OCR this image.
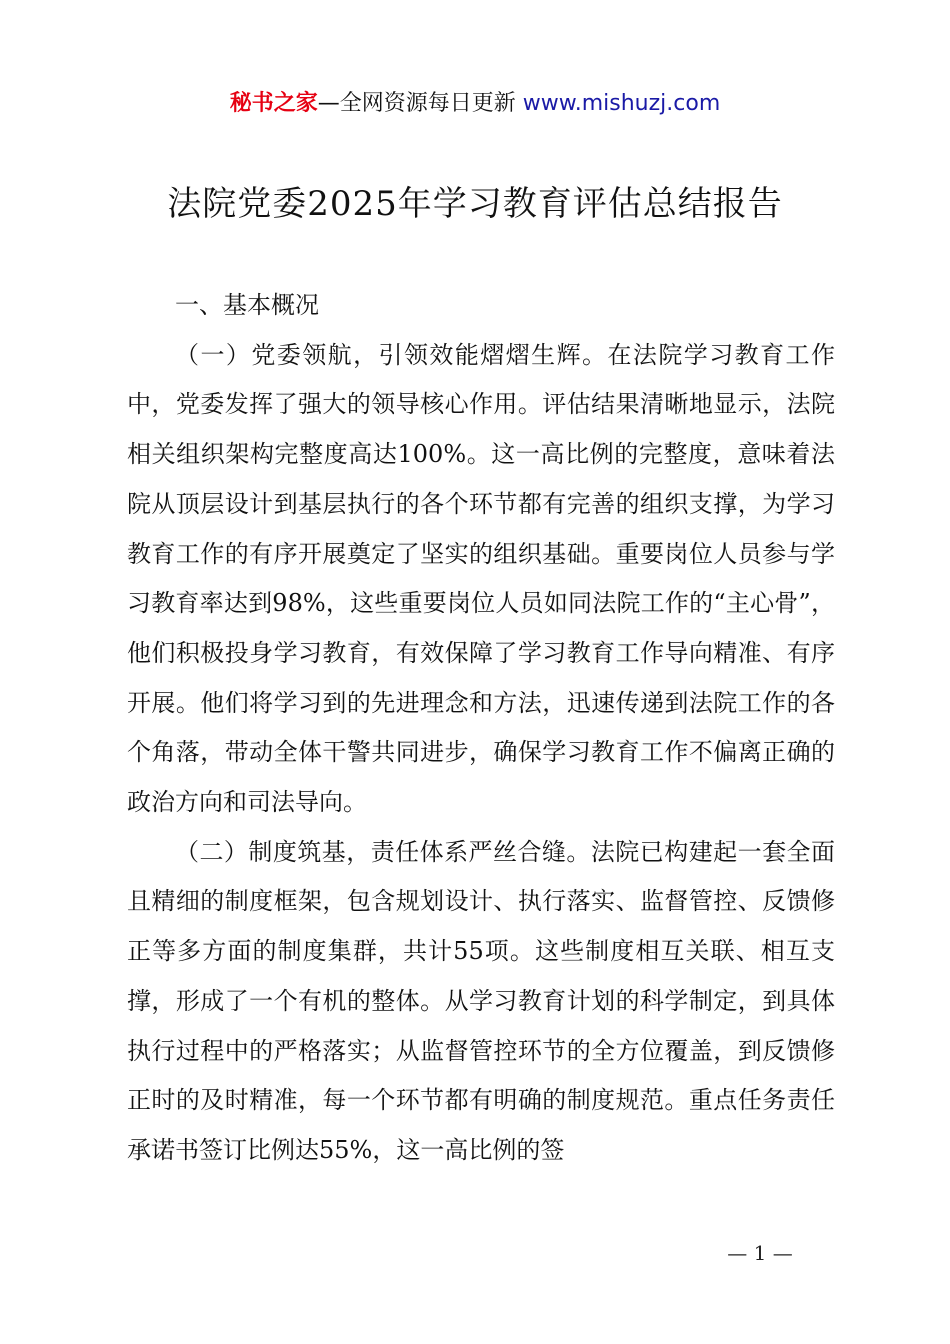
秘书之家—全网资源每日更新 www.mishuzj.com
法院党委2025年学习教育评估总结报告

一、基本概况

（一）党委领航，引领效能熠熠生辉。在法院学习教育工作中，党委发挥了强大的领导核心作用。评估结果清晰地显示，法院相关组织架构完整度高达100%。这一高比例的完整度，意味着法院从顶层设计到基层执行的各个环节都有完善的组织支撑，为学习教育工作的有序开展奠定了坚实的组织基础。重要岗位人员参与学习教育率达到98%，这些重要岗位人员如同法院工作的“主心骨”，他们积极投身学习教育，有效保障了学习教育工作导向精准、有序开展。他们将学习到的先进理念和方法，迅速传递到法院工作的各个角落，带动全体干警共同进步，确保学习教育工作不偏离正确的政治方向和司法导向。

（二）制度筑基，责任体系严丝合缝。法院已构建起一套全面且精细的制度框架，包含规划设计、执行落实、监督管控、反馈修正等多方面的制度集群，共计55项。这些制度相互关联、相互支撑，形成了一个有机的整体。从学习教育计划的科学制定，到具体执行过程中的严格落实；从监督管控环节的全方位覆盖，到反馈修正时的及时精准，每一个环节都有明确的制度规范。重点任务责任承诺书签订比例达55%，这一高比例的签

— 1 —
